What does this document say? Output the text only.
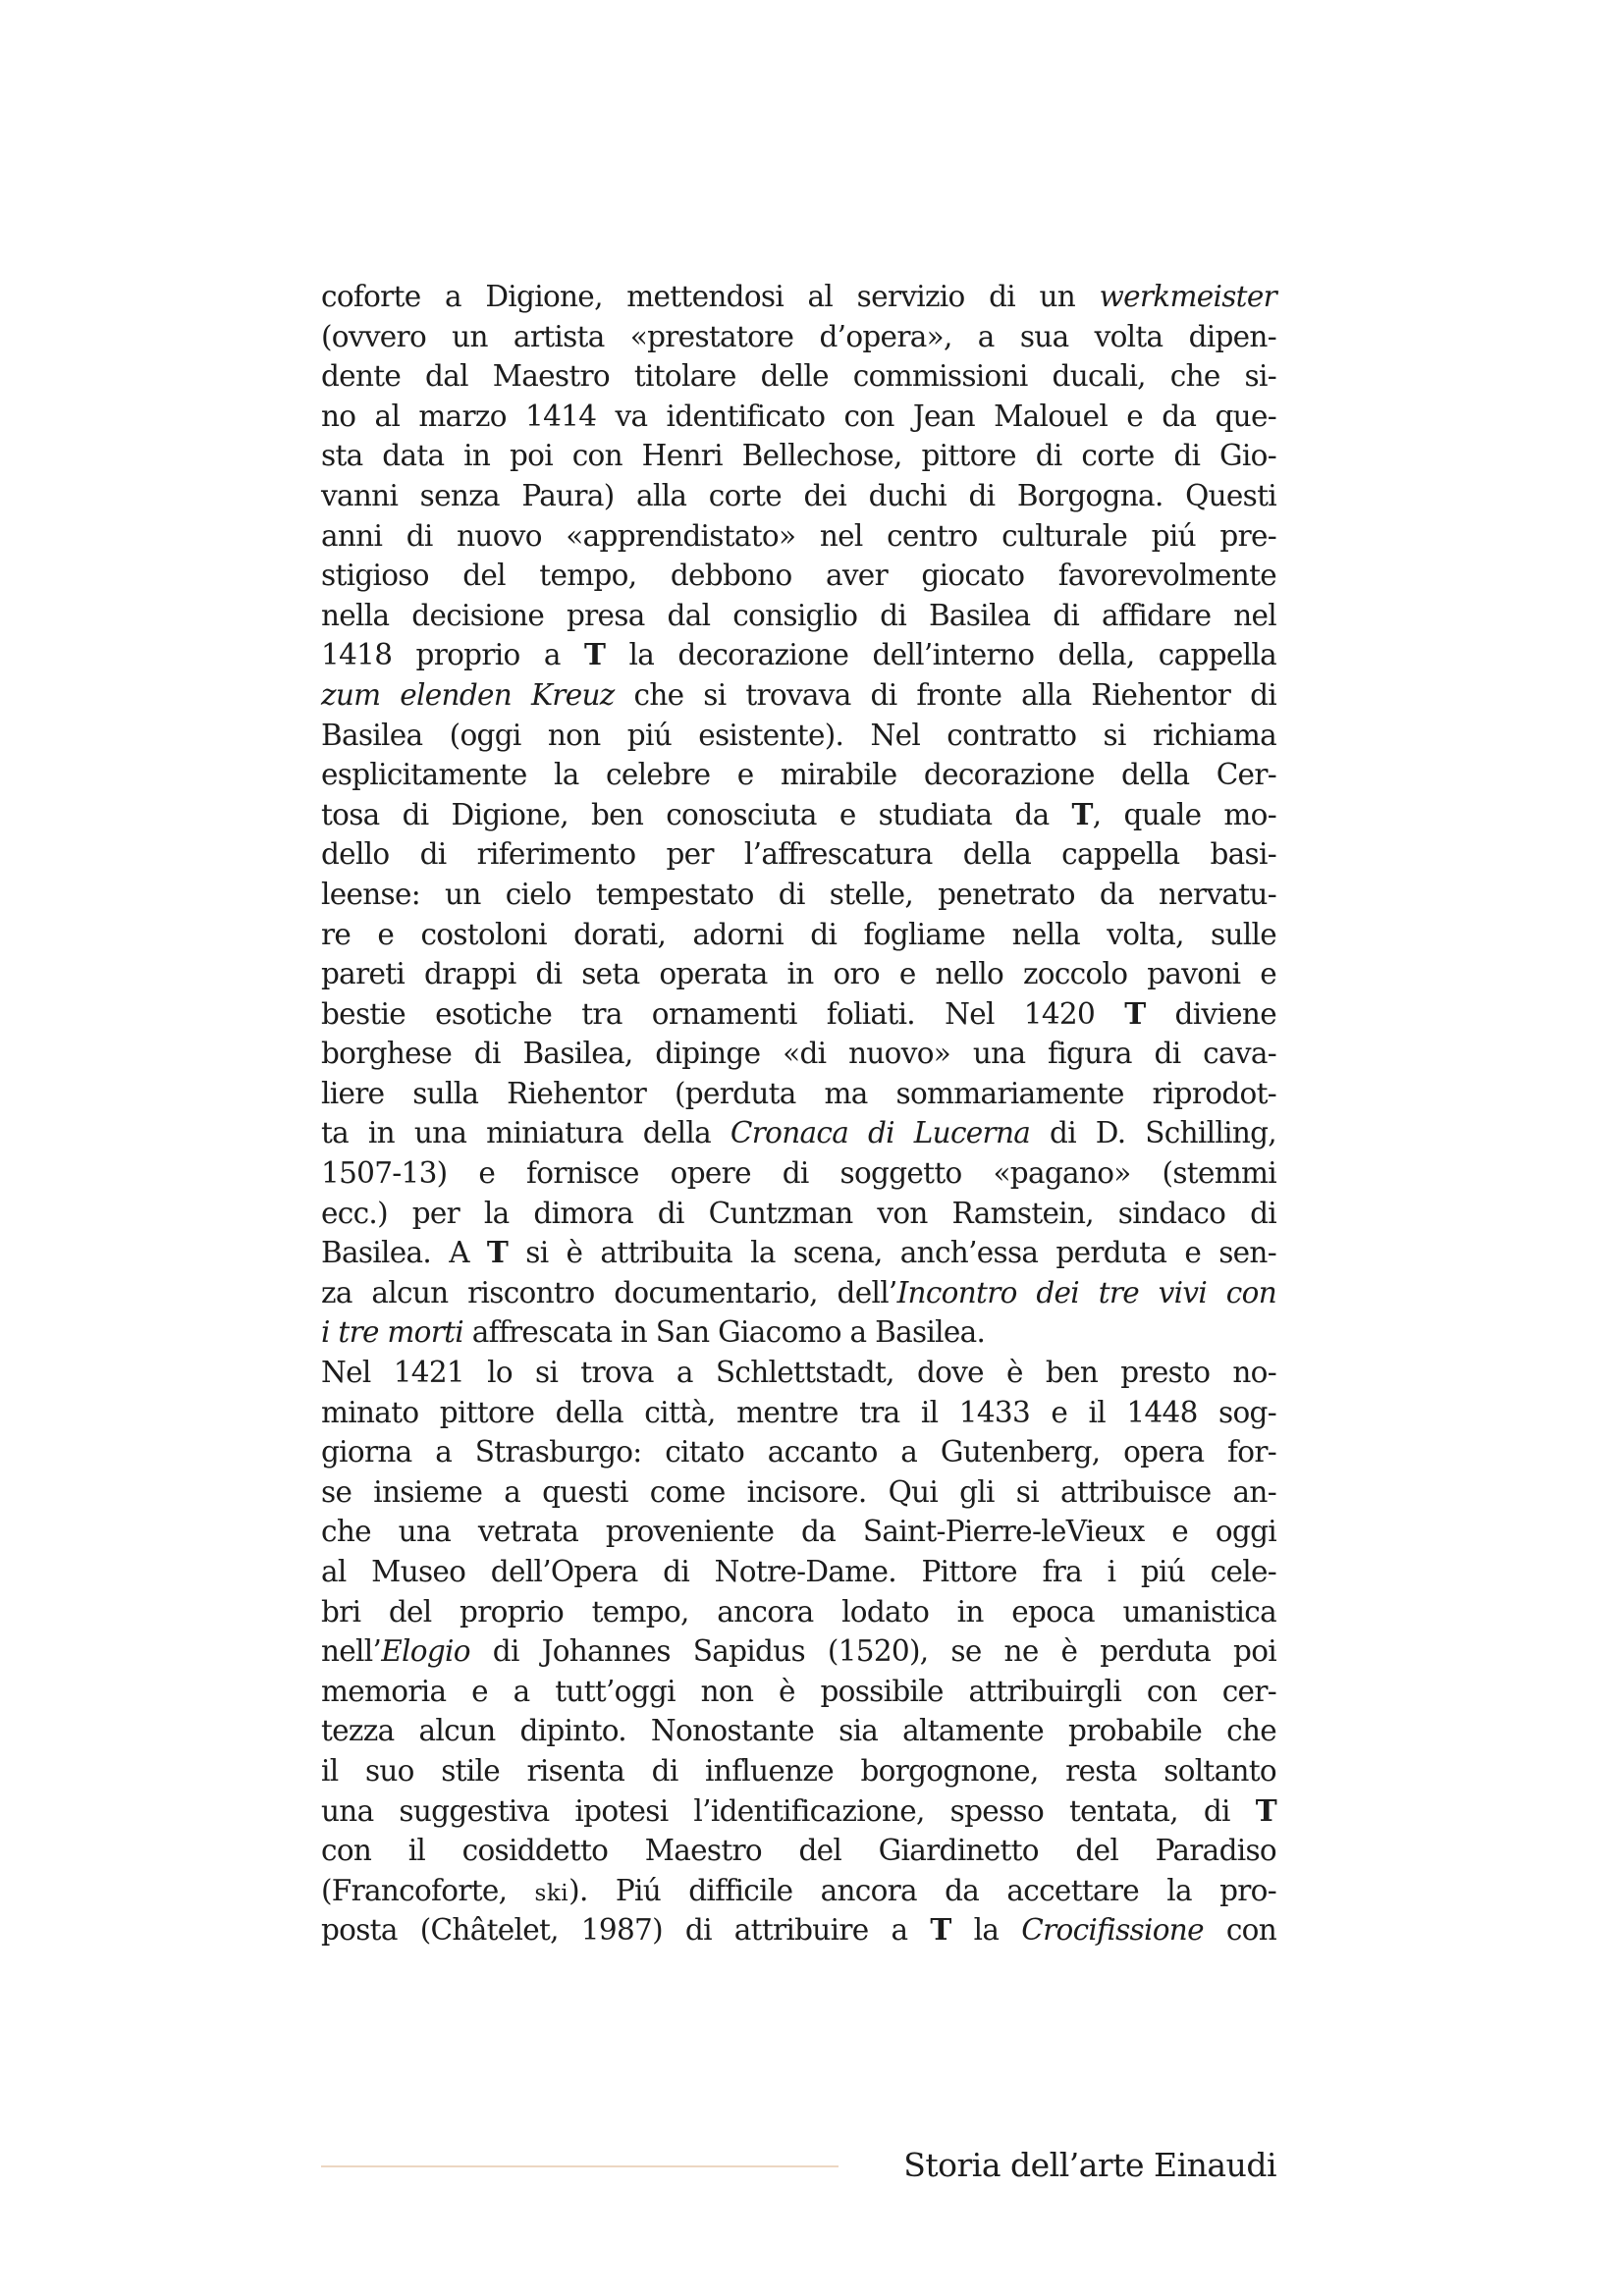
coforte a Digione, mettendosi al servizio di un werkmeister
(ovvero un artista «prestatore d’opera», a sua volta dipen-
dente dal Maestro titolare delle commissioni ducali, che si-
no al marzo 1414 va identificato con Jean Malouel e da que-
sta data in poi con Henri Bellechose, pittore di corte di Gio-
vanni senza Paura) alla corte dei duchi di Borgogna. Questi
anni di nuovo «apprendistato» nel centro culturale piú pre-
stigioso del tempo, debbono aver giocato favorevolmente
nella decisione presa dal consiglio di Basilea di affidare nel
1418 proprio a T la decorazione dell’interno della, cappella
zum elenden Kreuz che si trovava di fronte alla Riehentor di
Basilea (oggi non piú esistente). Nel contratto si richiama
esplicitamente la celebre e mirabile decorazione della Cer-
tosa di Digione, ben conosciuta e studiata da T, quale mo-
dello di riferimento per l’affrescatura della cappella basi-
leense: un cielo tempestato di stelle, penetrato da nervatu-
re e costoloni dorati, adorni di fogliame nella volta, sulle
pareti drappi di seta operata in oro e nello zoccolo pavoni e
bestie esotiche tra ornamenti foliati. Nel 1420 T diviene
borghese di Basilea, dipinge «di nuovo» una figura di cava-
liere sulla Riehentor (perduta ma sommariamente riprodot-
ta in una miniatura della Cronaca di Lucerna di D. Schilling,
1507-13) e fornisce opere di soggetto «pagano» (stemmi
ecc.) per la dimora di Cuntzman von Ramstein, sindaco di
Basilea. A T si è attribuita la scena, anch’essa perduta e sen-
za alcun riscontro documentario, dell’Incontro dei tre vivi con
i tre morti affrescata in San Giacomo a Basilea.
Nel 1421 lo si trova a Schlettstadt, dove è ben presto no-
minato pittore della città, mentre tra il 1433 e il 1448 sog-
giorna a Strasburgo: citato accanto a Gutenberg, opera for-
se insieme a questi come incisore. Qui gli si attribuisce an-
che una vetrata proveniente da Saint-Pierre-leVieux e oggi
al Museo dell’Opera di Notre-Dame. Pittore fra i piú cele-
bri del proprio tempo, ancora lodato in epoca umanistica
nell’Elogio di Johannes Sapidus (1520), se ne è perduta poi
memoria e a tutt’oggi non è possibile attribuirgli con cer-
tezza alcun dipinto. Nonostante sia altamente probabile che
il suo stile risenta di influenze borgognone, resta soltanto
una suggestiva ipotesi l’identificazione, spesso tentata, di T
con il cosiddetto Maestro del Giardinetto del Paradiso
(Francoforte, ski). Piú difficile ancora da accettare la pro-
posta (Châtelet, 1987) di attribuire a T la Crocifissione con
Storia dell’arte Einaudi
